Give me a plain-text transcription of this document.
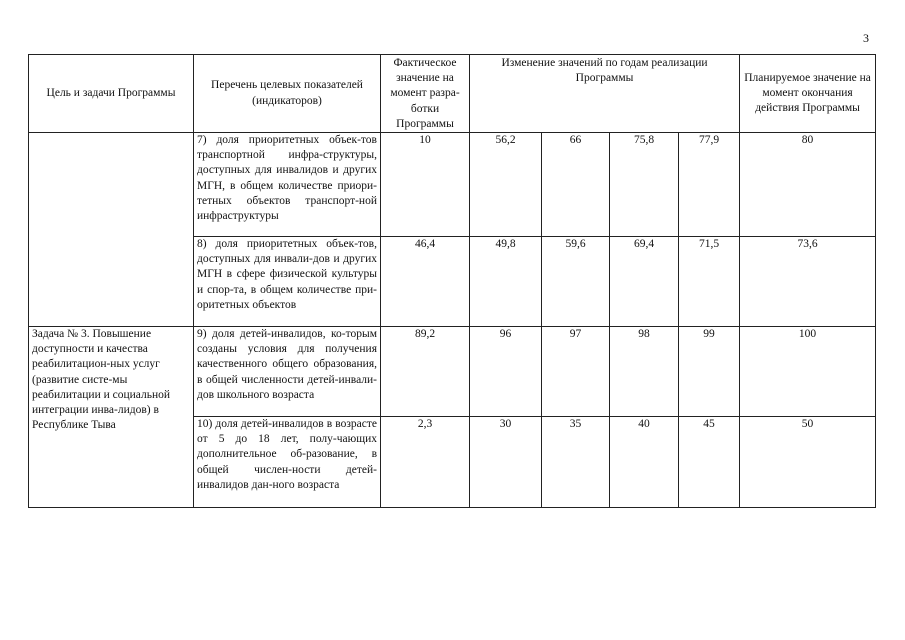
3
Цель и задачи Программы	Перечень целевых показателей (индикаторов)	Фактическое значение на момент разра-ботки Программы	Изменение значений по годам реализации Программы				Планируемое значение на момент окончания действия Программы
	7) доля приоритетных объек-тов транспортной инфра-структуры, доступных для инвалидов и других МГН, в общем количестве приори-тетных объектов транспорт-ной инфраструктуры	10	56,2	66	75,8	77,9	80
	8) доля приоритетных объек-тов, доступных для инвали-дов и других МГН в сфере физической культуры и спор-та, в общем количестве при-оритетных объектов	46,4	49,8	59,6	69,4	71,5	73,6
Задача № 3. Повышение доступности и качества реабилитацион-ных услуг (развитие систе-мы реабилитации и социальной интеграции инва-лидов) в Республике Тыва	9) доля детей-инвалидов, ко-торым созданы условия для получения качественного общего образования, в общей численности детей-инвали-дов школьного возраста	89,2	96	97	98	99	100
	10) доля детей-инвалидов в возрасте от 5 до 18 лет, полу-чающих дополнительное об-разование, в общей числен-ности детей-инвалидов дан-ного возраста	2,3	30	35	40	45	50
